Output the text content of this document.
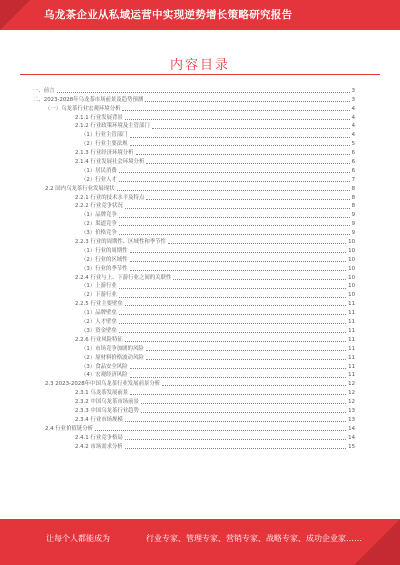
乌龙茶企业从私域运营中实现逆势增长策略研究报告
内容目录
一、前言	3
二、2023-2028年乌龙茶市场前景及趋势预测	3
（一）乌龙茶行业宏观环境分析	4
2.1.1 行业发展背景	4
2.1.2 行业政策环境及主管部门	4
（1）行业主管部门	4
（2）行业主要法规	5
2.1.3 行业经济环境分析	6
2.1.4 行业发展社会环境分析	6
（1）居民消费	6
（2）行业人才	7
2.2 国内乌龙茶行业发展现状	8
2.2.1 行业的技术水平及特点	8
2.2.2 行业竞争状况	8
（1）品牌竞争	9
（2）渠道竞争	9
（3）价格竞争	9
2.2.3 行业的周期性、区域性和季节性	10
（1）行业的周期性	10
（2）行业的区域性	10
（3）行业的季节性	10
2.2.4 行业与上、下游行业之间的关联性	10
（1）上游行业	10
（2）下游行业	10
2.2.5 行业主要壁垒	11
（1）品牌壁垒	11
（2）人才壁垒	11
（3）资金壁垒	11
2.2.6 行业风险特征	11
（1）市场竞争加剧的风险	11
（2）原材料价格波动风险	11
（3）食品安全风险	11
（4）宏观经济风险	11
2.3 2023-2028年中国乌龙茶行业发展前景分析	12
2.3.1 乌龙茶发展前景	12
2.3.2 中国乌龙茶市场前景	12
2.3.3 中国乌龙茶行业趋势	13
2.3.4 行业市场规模	13
2.4 行业价值链分析	14
2.4.1 行业竞争格局	14
2.4.2 市场需求分析	15
让每个人都能成为	行业专家、管理专家、营销专家、战略专家、成功企业家……
